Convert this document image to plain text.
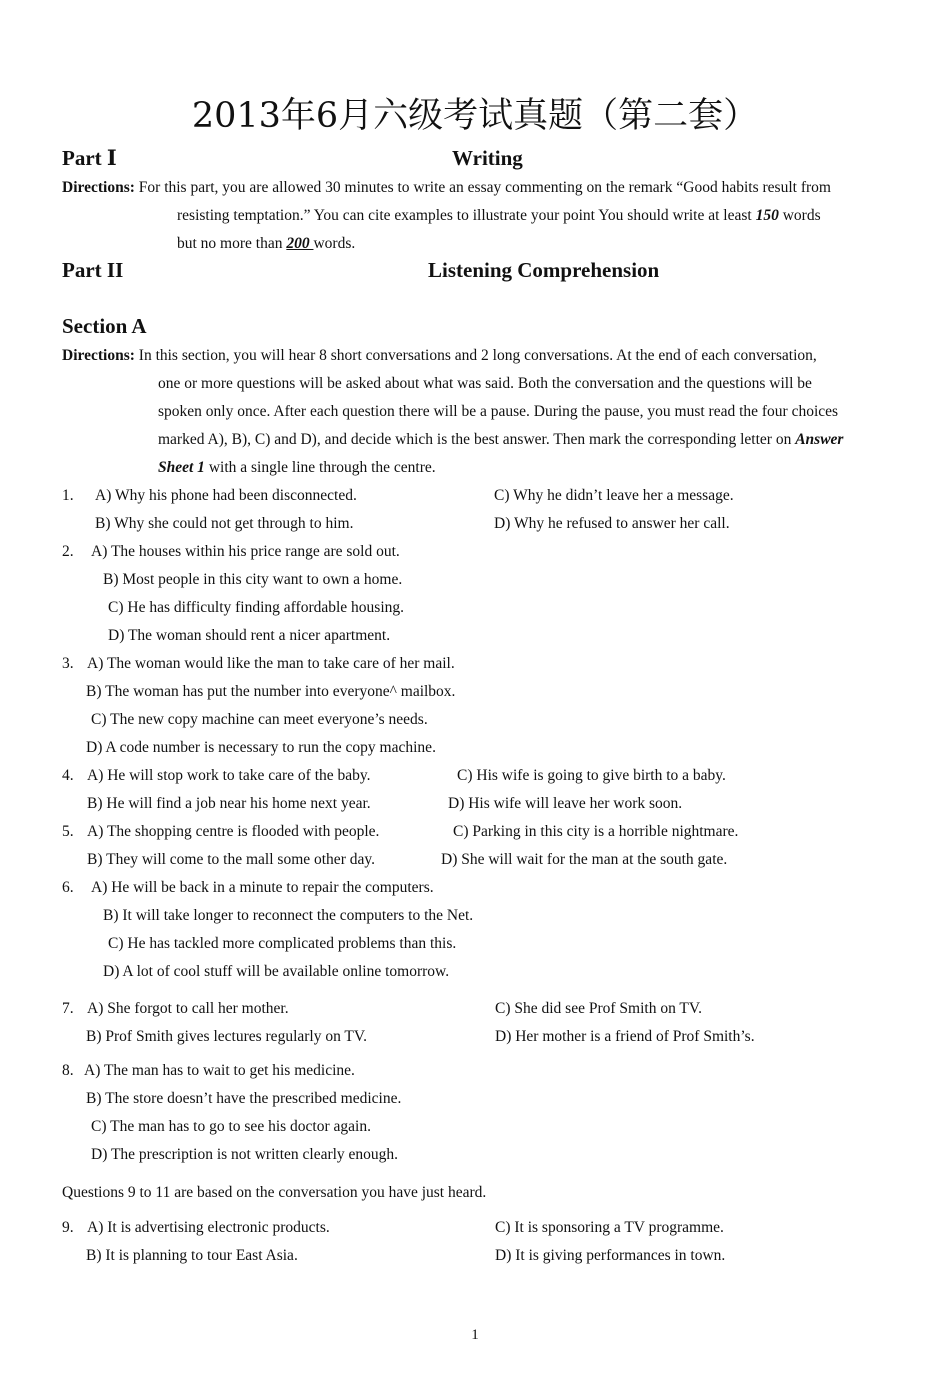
2013年6月六级考试真题（第二套）
Part Ⅰ	Writing
Directions: For this part, you are allowed 30 minutes to write an essay commenting on the remark “Good habits result from
resisting temptation.” You can cite examples to illustrate your point You should write at least 150 words
but no more than 200 words.
Part II	Listening Comprehension
Section A
Directions: In this section, you will hear 8 short conversations and 2 long conversations. At the end of each conversation,
one or more questions will be asked about what was said. Both the conversation and the questions will be
spoken only once. After each question there will be a pause. During the pause, you must read the four choices
marked A), B), C) and D), and decide which is the best answer. Then mark the corresponding letter on Answer
Sheet 1 with a single line through the centre.
1. A) Why his phone had been disconnected.	C) Why he didn’t leave her a message.
B) Why she could not get through to him.	D) Why he refused to answer her call.
2. A) The houses within his price range are sold out.
B) Most people in this city want to own a home.
C) He has difficulty finding affordable housing.
D) The woman should rent a nicer apartment.
3. A) The woman would like the man to take care of her mail.
B) The woman has put the number into everyone^ mailbox.
C) The new copy machine can meet everyone’s needs.
D) A code number is necessary to run the copy machine.
4. A) He will stop work to take care of the baby.	C) His wife is going to give birth to a baby.
B) He will find a job near his home next year.	D) His wife will leave her work soon.
5. A) The shopping centre is flooded with people.	C) Parking in this city is a horrible nightmare.
B) They will come to the mall some other day.	D) She will wait for the man at the south gate.
6. A) He will be back in a minute to repair the computers.
B) It will take longer to reconnect the computers to the Net.
C) He has tackled more complicated problems than this.
D) A lot of cool stuff will be available online tomorrow.
7. A) She forgot to call her mother.	C) She did see Prof Smith on TV.
B) Prof Smith gives lectures regularly on TV.	D) Her mother is a friend of Prof Smith’s.
8. A) The man has to wait to get his medicine.
B) The store doesn’t have the prescribed medicine.
C) The man has to go to see his doctor again.
D) The prescription is not written clearly enough.
Questions 9 to 11 are based on the conversation you have just heard.
9. A) It is advertising electronic products.	C) It is sponsoring a TV programme.
B) It is planning to tour East Asia.	D) It is giving performances in town.
1
